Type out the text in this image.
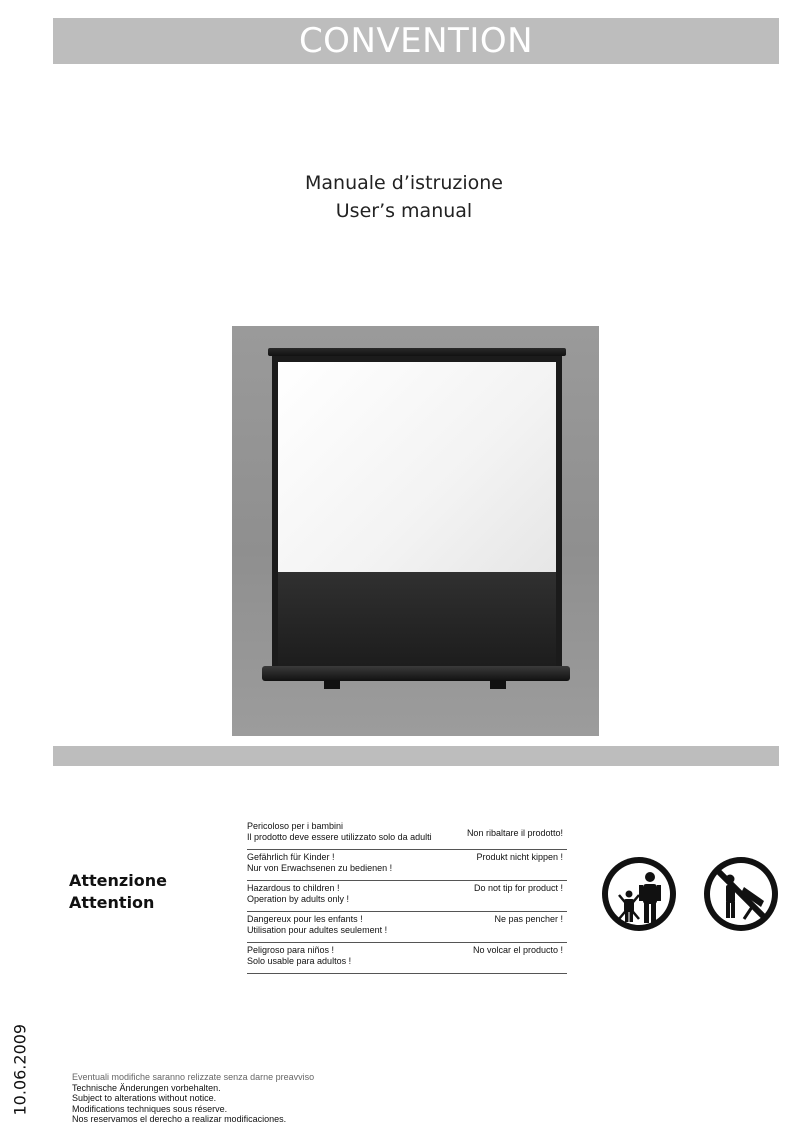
CONVENTION
Manuale d’istruzione
User’s manual
Attenzione
Attention
Pericoloso per i bambini
Il prodotto deve essere utilizzato solo da adulti	Non ribaltare il prodotto!
Gefährlich für Kinder !
Nur von Erwachsenen zu bedienen !
Produkt nicht kippen !
Hazardous to children !
Operation by adults only !
Do not tip for product !
Dangereux pour les enfants !
Utilisation pour adultes seulement !
Ne pas pencher !
Peligroso para niños !
Solo usable para adultos !
No volcar el producto !
10.06.2009	Eventuali modifiche saranno relizzate senza darne preavviso
Technische Änderungen vorbehalten.
Subject to alterations without notice.
Modifications techniques sous réserve.
Nos reservamos el derecho a realizar modificaciones.
